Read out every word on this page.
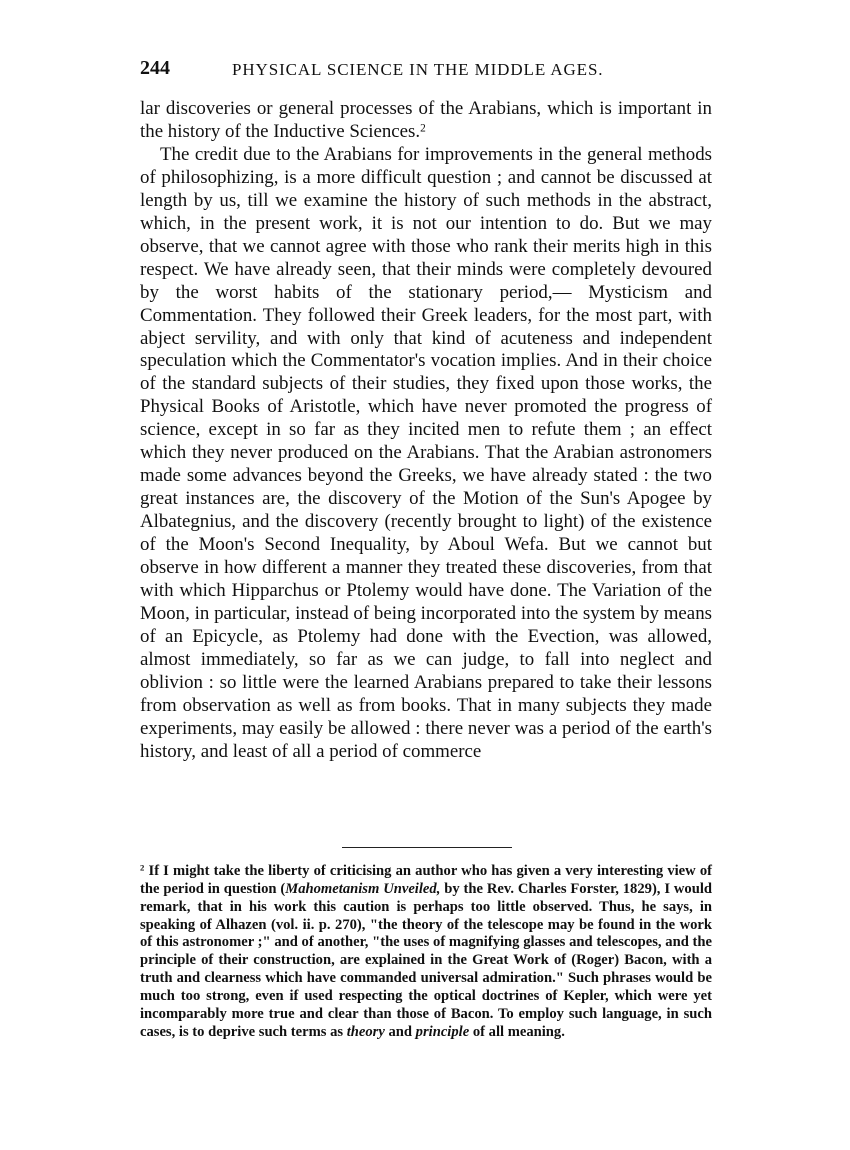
244	PHYSICAL SCIENCE IN THE MIDDLE AGES.

lar discoveries or general processes of the Arabians, which is important in the history of the Inductive Sciences.$^2$

The credit due to the Arabians for improvements in the general methods of philosophizing, is a more difficult question ; and cannot be discussed at length by us, till we examine the history of such methods in the abstract, which, in the present work, it is not our intention to do. But we may observe, that we cannot agree with those who rank their merits high in this respect. We have already seen, that their minds were completely devoured by the worst habits of the stationary period,— Mysticism and Commentation. They followed their Greek leaders, for the most part, with abject servility, and with only that kind of acuteness and independent speculation which the Commentator's vocation implies. And in their choice of the standard subjects of their studies, they fixed upon those works, the Physical Books of Aristotle, which have never promoted the progress of science, except in so far as they incited men to refute them ; an effect which they never produced on the Arabians. That the Arabian astronomers made some advances beyond the Greeks, we have already stated : the two great instances are, the discovery of the Motion of the Sun's Apogee by Albategnius, and the discovery (recently brought to light) of the existence of the Moon's Second Inequality, by Aboul Wefa. But we cannot but observe in how different a manner they treated these discoveries, from that with which Hipparchus or Ptolemy would have done. The Variation of the Moon, in particular, instead of being incorporated into the system by means of an Epicycle, as Ptolemy had done with the Evection, was allowed, almost immediately, so far as we can judge, to fall into neglect and oblivion : so little were the learned Arabians prepared to take their lessons from observation as well as from books. That in many subjects they made experiments, may easily be allowed : there never was a period of the earth's history, and least of all a period of commerce

$^2$ If I might take the liberty of criticising an author who has given a very interesting view of the period in question (Mahometanism Unveiled, by the Rev. Charles Forster, 1829), I would remark, that in his work this caution is perhaps too little observed. Thus, he says, in speaking of Alhazen (vol. ii. p. 270), "the theory of the telescope may be found in the work of this astronomer ;" and of another, "the uses of magnifying glasses and telescopes, and the principle of their construction, are explained in the Great Work of (Roger) Bacon, with a truth and clearness which have commanded universal admiration." Such phrases would be much too strong, even if used respecting the optical doctrines of Kepler, which were yet incomparably more true and clear than those of Bacon. To employ such language, in such cases, is to deprive such terms as theory and principle of all meaning.
